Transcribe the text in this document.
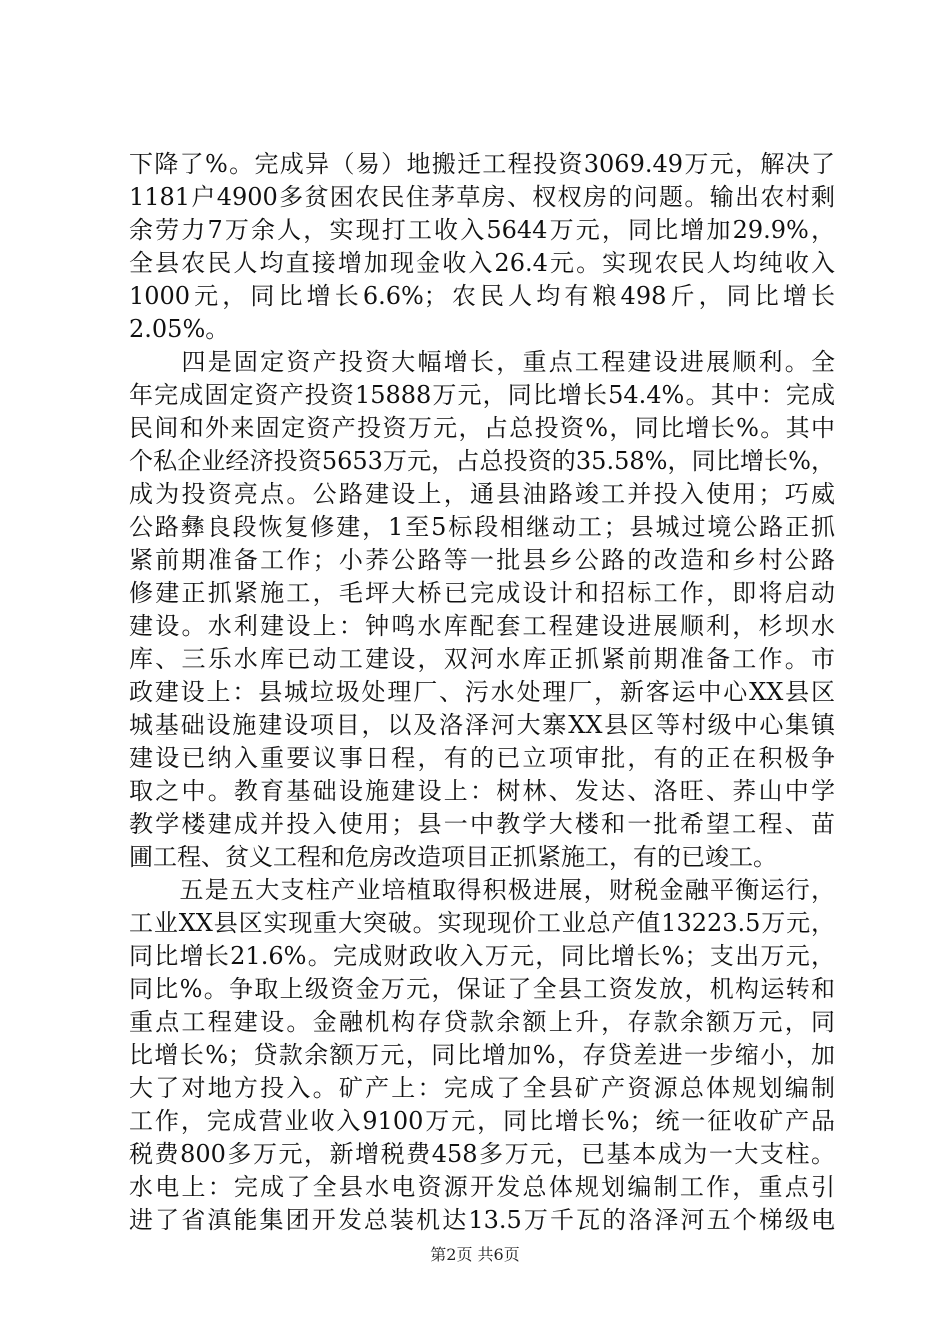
下降了%。完成异（易）地搬迁工程投资3069.49万元，解决了
1181户4900多贫困农民住茅草房、杈杈房的问题。输出农村剩
余劳力7万余人，实现打工收入5644万元，同比增加29.9%，
全县农民人均直接增加现金收入26.4元。实现农民人均纯收入
1000元，同比增长6.6%；农民人均有粮498斤，同比增长
2.05%。
　　四是固定资产投资大幅增长，重点工程建设进展顺利。全
年完成固定资产投资15888万元，同比增长54.4%。其中：完成
民间和外来固定资产投资万元，占总投资%，同比增长%。其中
个私企业经济投资5653万元，占总投资的35.58%，同比增长%，
成为投资亮点。公路建设上，通县油路竣工并投入使用；巧威
公路彝良段恢复修建，1至5标段相继动工；县城过境公路正抓
紧前期准备工作；小荞公路等一批县乡公路的改造和乡村公路
修建正抓紧施工，毛坪大桥已完成设计和招标工作，即将启动
建设。水利建设上：钟鸣水库配套工程建设进展顺利，杉坝水
库、三乐水库已动工建设，双河水库正抓紧前期准备工作。市
政建设上：县城垃圾处理厂、污水处理厂，新客运中心XX县区
城基础设施建设项目，以及洛泽河大寨XX县区等村级中心集镇
建设已纳入重要议事日程，有的已立项审批，有的正在积极争
取之中。教育基础设施建设上：树林、发达、洛旺、荞山中学
教学楼建成并投入使用；县一中教学大楼和一批希望工程、苗
圃工程、贫义工程和危房改造项目正抓紧施工，有的已竣工。
　　五是五大支柱产业培植取得积极进展，财税金融平衡运行，
工业XX县区实现重大突破。实现现价工业总产值13223.5万元，
同比增长21.6%。完成财政收入万元，同比增长%；支出万元，
同比%。争取上级资金万元，保证了全县工资发放，机构运转和
重点工程建设。金融机构存贷款余额上升，存款余额万元，同
比增长%；贷款余额万元，同比增加%，存贷差进一步缩小，加
大了对地方投入。矿产上：完成了全县矿产资源总体规划编制
工作，完成营业收入9100万元，同比增长%；统一征收矿产品
税费800多万元，新增税费458多万元，已基本成为一大支柱。
水电上：完成了全县水电资源开发总体规划编制工作，重点引
进了省滇能集团开发总装机达13.5万千瓦的洛泽河五个梯级电
第2页 共6页
